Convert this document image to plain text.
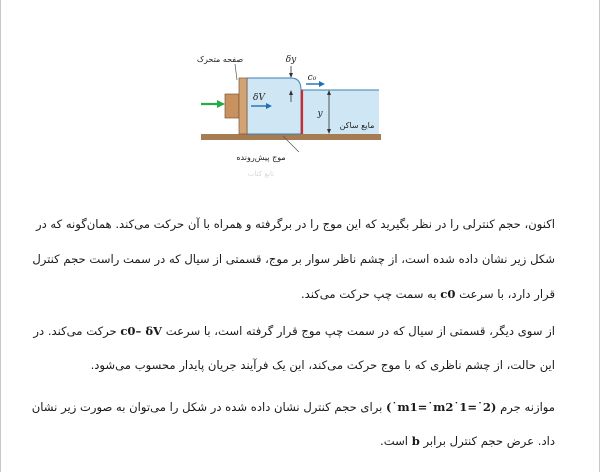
صفحه متحرک	δy
c₀
δV
y
مایع ساکن
موج پیش‌رونده
تابع کتاب
اکنون، حجم کنترلی را در نظر بگیرید که این موج را در برگرفته و همراه با آن حرکت می‌کند. همان‌گونه که در
شکل زیر نشان داده شده است، از چشم ناظر سوار بر موج، قسمتی از سیال که در سمت راست حجم کنترل
قرار دارد، با سرعت c0 به سمت چپ حرکت می‌کند.
از سوی دیگر، قسمتی از سیال که در سمت چپ موج قرار گرفته است، با سرعت c0– δV حرکت می‌کند. در
این حالت، از چشم ناظری که با موج حرکت می‌کند، این یک فرآیند جریان پایدار محسوب می‌شود.
موازنه جرم (˙m1=˙m2˙1=˙2) برای حجم کنترل نشان داده شده در شکل را می‌توان به صورت زیر نشان
داد. عرض حجم کنترل برابر b است.
